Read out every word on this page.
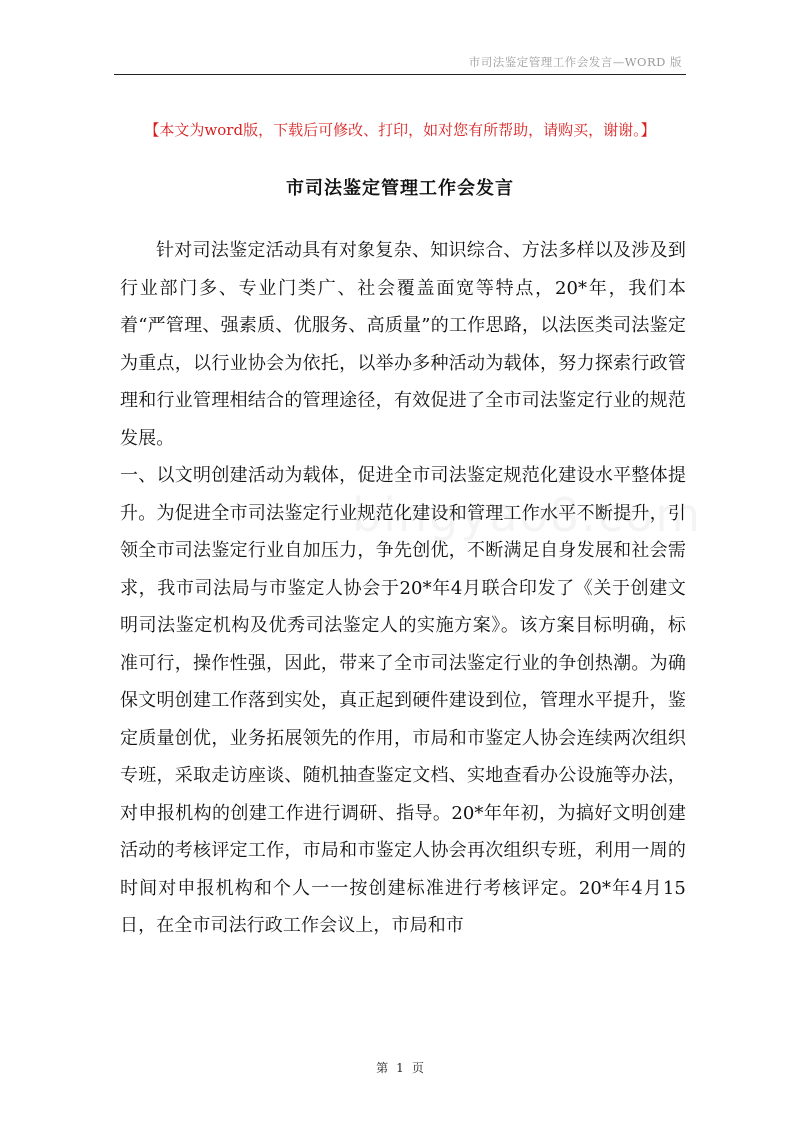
市司法鉴定管理工作会发言—WORD 版
【本文为word版，下载后可修改、打印，如对您有所帮助，请购买，谢谢。】
市司法鉴定管理工作会发言

针对司法鉴定活动具有对象复杂、知识综合、方法多样以及涉及到行业部门多、专业门类广、社会覆盖面宽等特点，20*年，我们本着“严管理、强素质、优服务、高质量”的工作思路，以法医类司法鉴定为重点，以行业协会为依托，以举办多种活动为载体，努力探索行政管理和行业管理相结合的管理途径，有效促进了全市司法鉴定行业的规范发展。

一、以文明创建活动为载体，促进全市司法鉴定规范化建设水平整体提升。为促进全市司法鉴定行业规范化建设和管理工作水平不断提升，引领全市司法鉴定行业自加压力，争先创优，不断满足自身发展和社会需求，我市司法局与市鉴定人协会于20*年4月联合印发了《关于创建文明司法鉴定机构及优秀司法鉴定人的实施方案》。该方案目标明确，标准可行，操作性强，因此，带来了全市司法鉴定行业的争创热潮。为确保文明创建工作落到实处，真正起到硬件建设到位，管理水平提升，鉴定质量创优，业务拓展领先的作用，市局和市鉴定人协会连续两次组织专班，采取走访座谈、随机抽查鉴定文档、实地查看办公设施等办法，对申报机构的创建工作进行调研、指导。20*年年初，为搞好文明创建活动的考核评定工作，市局和市鉴定人协会再次组织专班，利用一周的时间对申报机构和个人一一按创建标准进行考核评定。20*年4月15日，在全市司法行政工作会议上，市局和市

第 1 页
